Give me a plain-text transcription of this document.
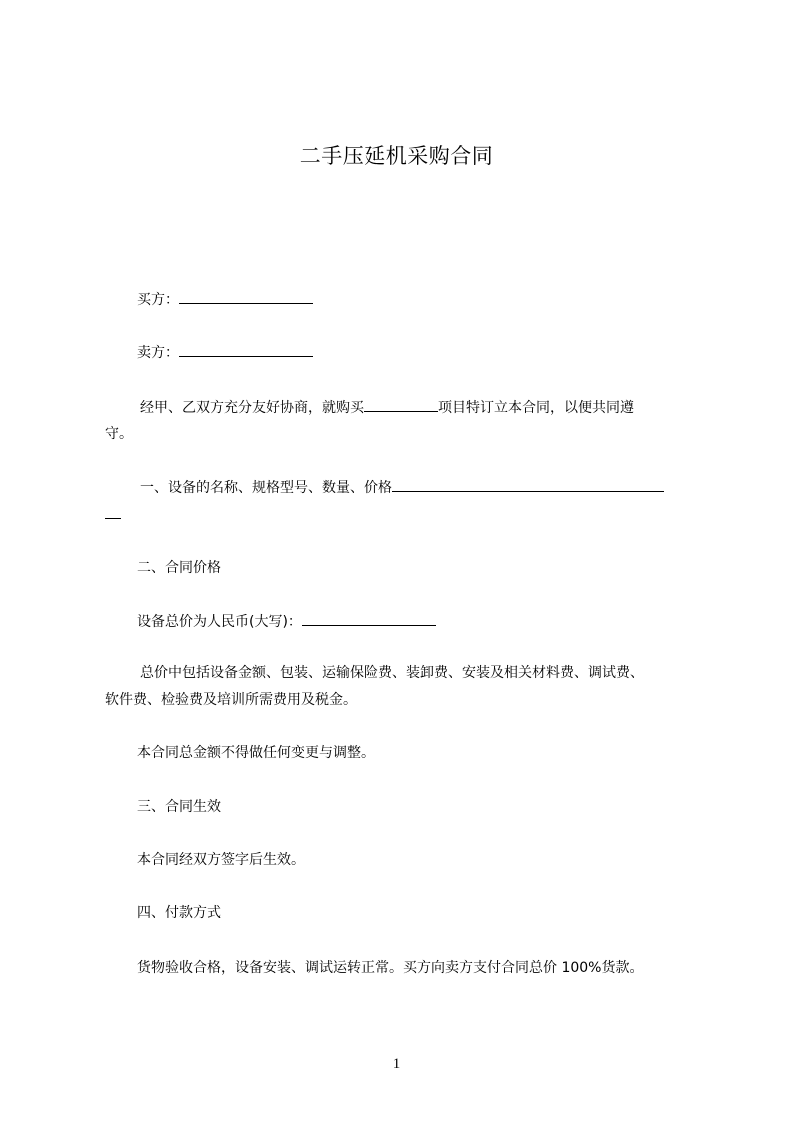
二手压延机采购合同
买方：
卖方：
经甲、乙双方充分友好协商，就购买	项目特订立本合同，以便共同遵
守。
一、设备的名称、规格型号、数量、价格
二、合同价格
设备总价为人民币(大写)：
总价中包括设备金额、包装、运输保险费、装卸费、安装及相关材料费、调试费、
软件费、检验费及培训所需费用及税金。
本合同总金额不得做任何变更与调整。
三、合同生效
本合同经双方签字后生效。
四、付款方式
货物验收合格，设备安装、调试运转正常。买方向卖方支付合同总价 100%货款。
1
